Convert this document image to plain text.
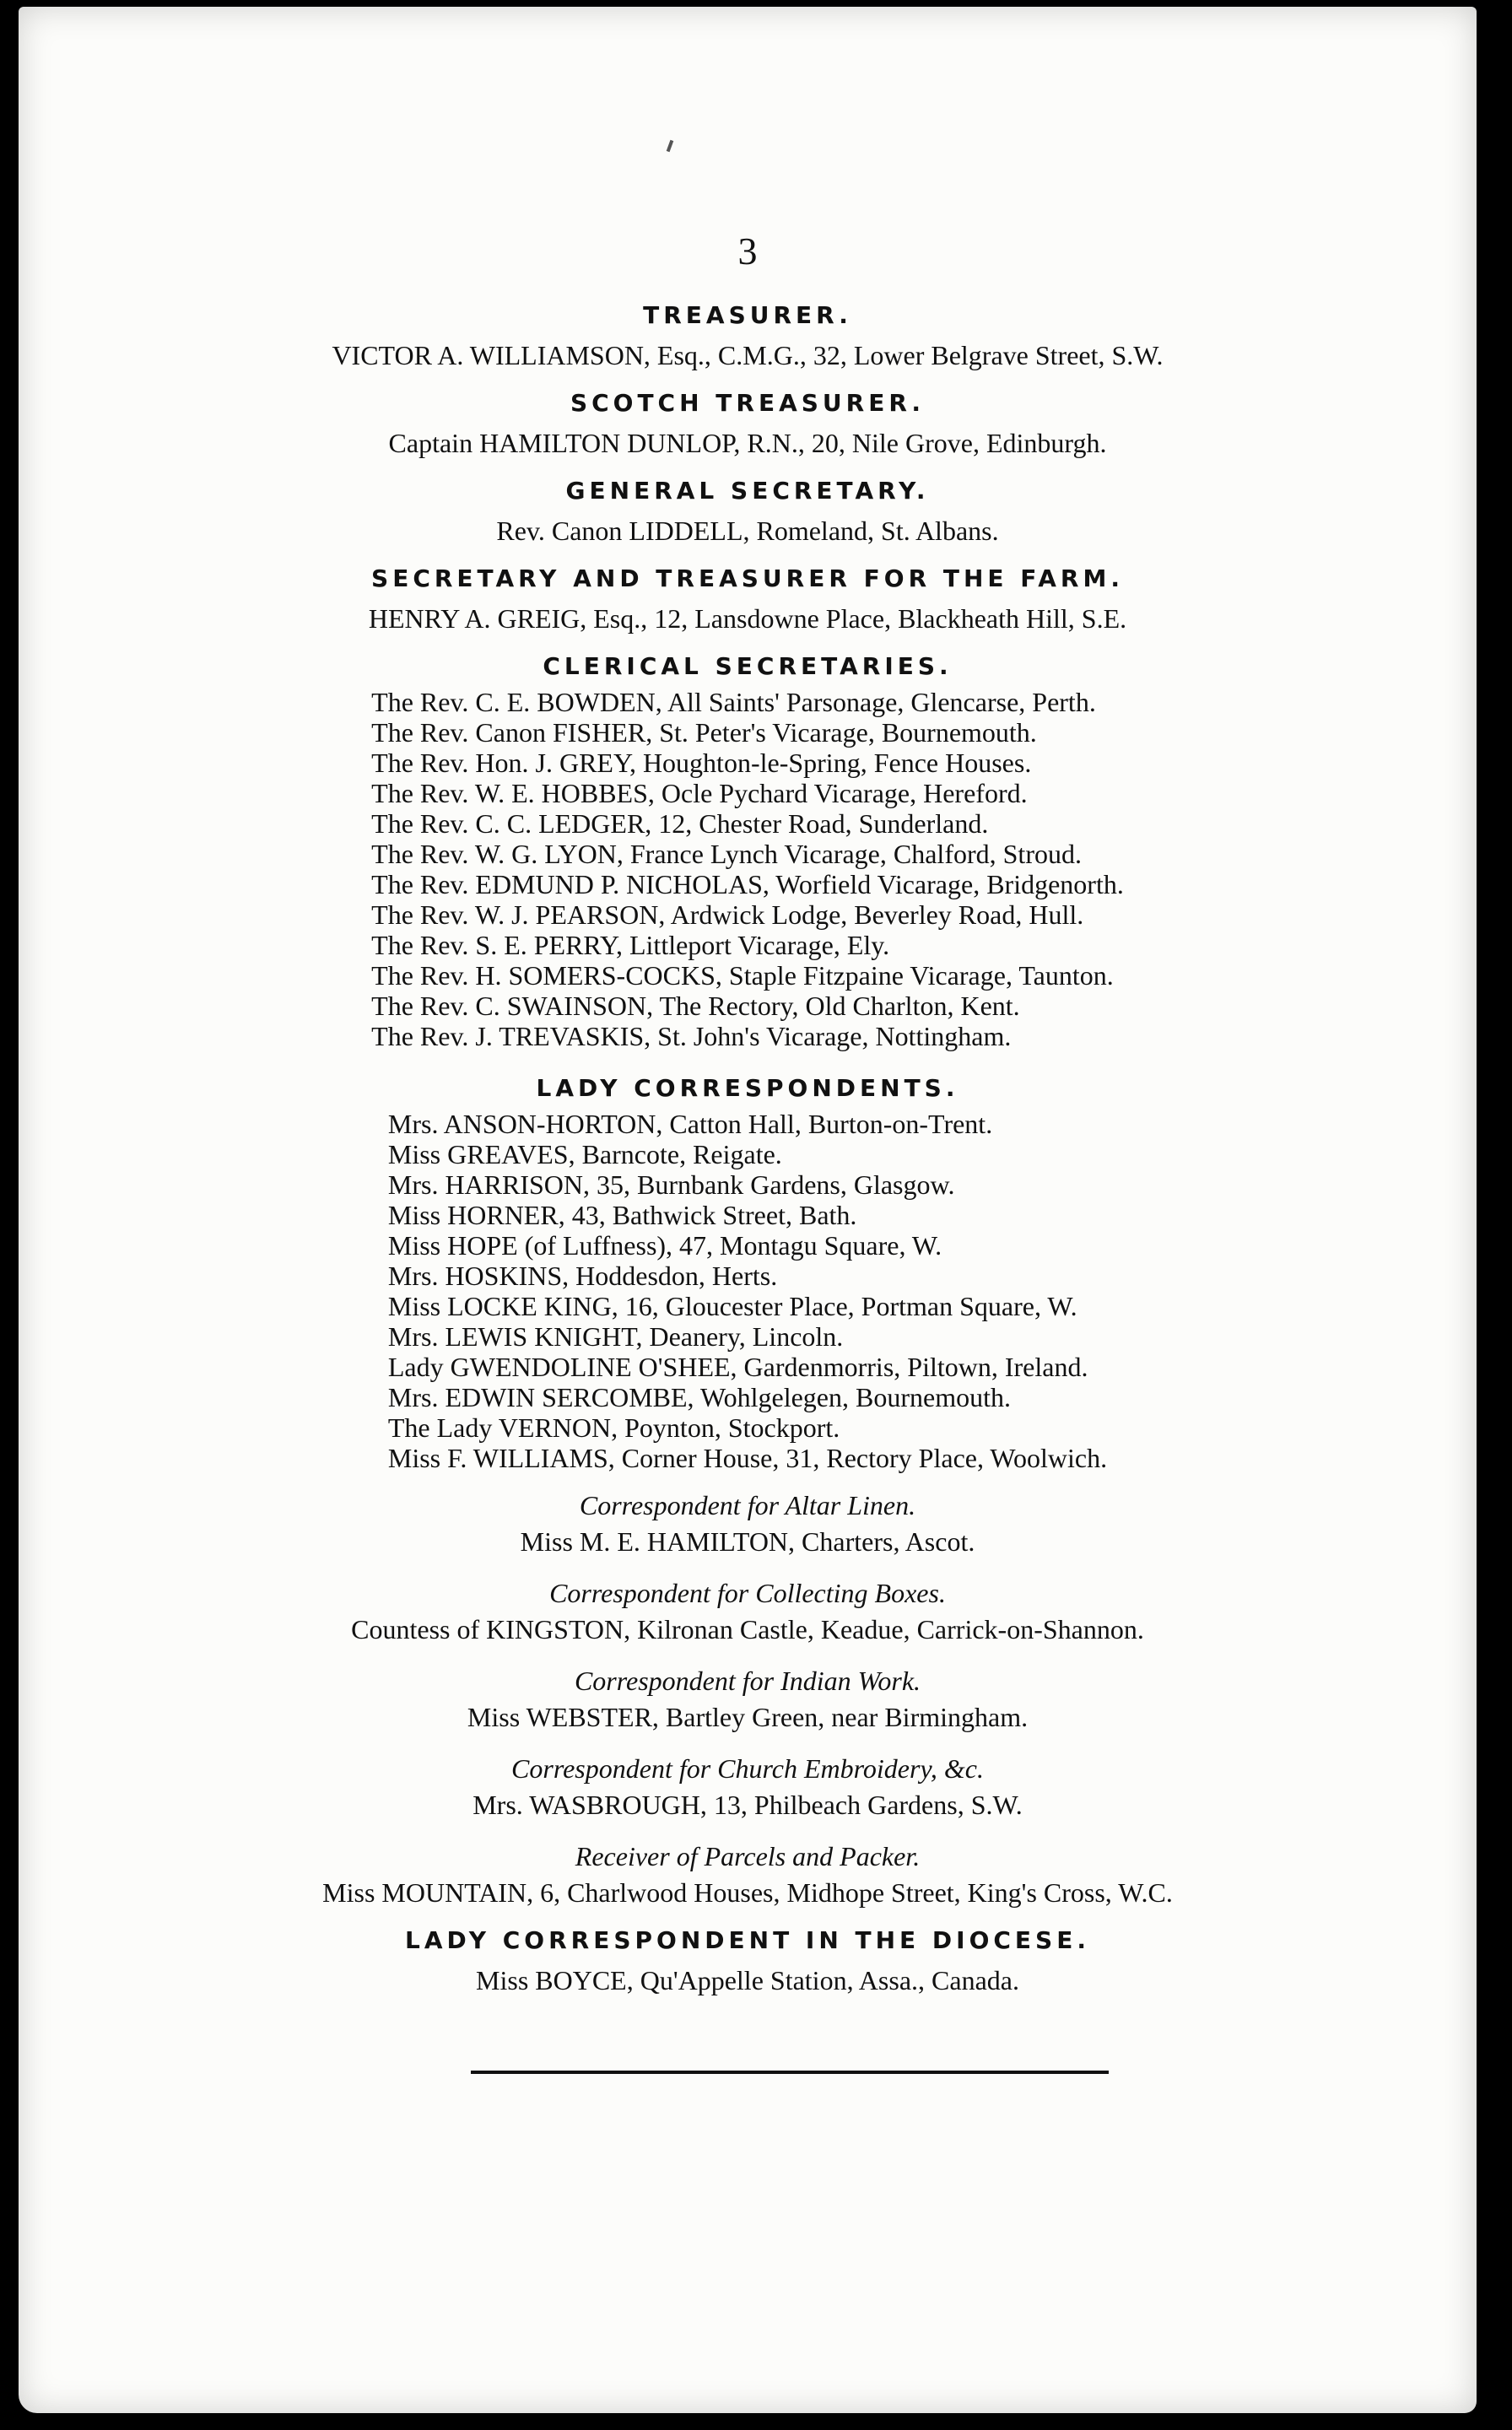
3
TREASURER.
VICTOR A. WILLIAMSON, Esq., C.M.G., 32, Lower Belgrave Street, S.W.
SCOTCH TREASURER.
Captain HAMILTON DUNLOP, R.N., 20, Nile Grove, Edinburgh.
GENERAL SECRETARY.
Rev. Canon LIDDELL, Romeland, St. Albans.
SECRETARY AND TREASURER FOR THE FARM.
HENRY A. GREIG, Esq., 12, Lansdowne Place, Blackheath Hill, S.E.
CLERICAL SECRETARIES.
The Rev. C. E. BOWDEN, All Saints' Parsonage, Glencarse, Perth.
The Rev. Canon FISHER, St. Peter's Vicarage, Bournemouth.
The Rev. Hon. J. GREY, Houghton-le-Spring, Fence Houses.
The Rev. W. E. HOBBES, Ocle Pychard Vicarage, Hereford.
The Rev. C. C. LEDGER, 12, Chester Road, Sunderland.
The Rev. W. G. LYON, France Lynch Vicarage, Chalford, Stroud.
The Rev. EDMUND P. NICHOLAS, Worfield Vicarage, Bridgenorth.
The Rev. W. J. PEARSON, Ardwick Lodge, Beverley Road, Hull.
The Rev. S. E. PERRY, Littleport Vicarage, Ely.
The Rev. H. SOMERS-COCKS, Staple Fitzpaine Vicarage, Taunton.
The Rev. C. SWAINSON, The Rectory, Old Charlton, Kent.
The Rev. J. TREVASKIS, St. John's Vicarage, Nottingham.
LADY CORRESPONDENTS.
Mrs. ANSON-HORTON, Catton Hall, Burton-on-Trent.
Miss GREAVES, Barncote, Reigate.
Mrs. HARRISON, 35, Burnbank Gardens, Glasgow.
Miss HORNER, 43, Bathwick Street, Bath.
Miss HOPE (of Luffness), 47, Montagu Square, W.
Mrs. HOSKINS, Hoddesdon, Herts.
Miss LOCKE KING, 16, Gloucester Place, Portman Square, W.
Mrs. LEWIS KNIGHT, Deanery, Lincoln.
Lady GWENDOLINE O'SHEE, Gardenmorris, Piltown, Ireland.
Mrs. EDWIN SERCOMBE, Wohlgelegen, Bournemouth.
The Lady VERNON, Poynton, Stockport.
Miss F. WILLIAMS, Corner House, 31, Rectory Place, Woolwich.
Correspondent for Altar Linen.
Miss M. E. HAMILTON, Charters, Ascot.
Correspondent for Collecting Boxes.
Countess of KINGSTON, Kilronan Castle, Keadue, Carrick-on-Shannon.
Correspondent for Indian Work.
Miss WEBSTER, Bartley Green, near Birmingham.
Correspondent for Church Embroidery, &c.
Mrs. WASBROUGH, 13, Philbeach Gardens, S.W.
Receiver of Parcels and Packer.
Miss MOUNTAIN, 6, Charlwood Houses, Midhope Street, King's Cross, W.C.
LADY CORRESPONDENT IN THE DIOCESE.
Miss BOYCE, Qu'Appelle Station, Assa., Canada.
